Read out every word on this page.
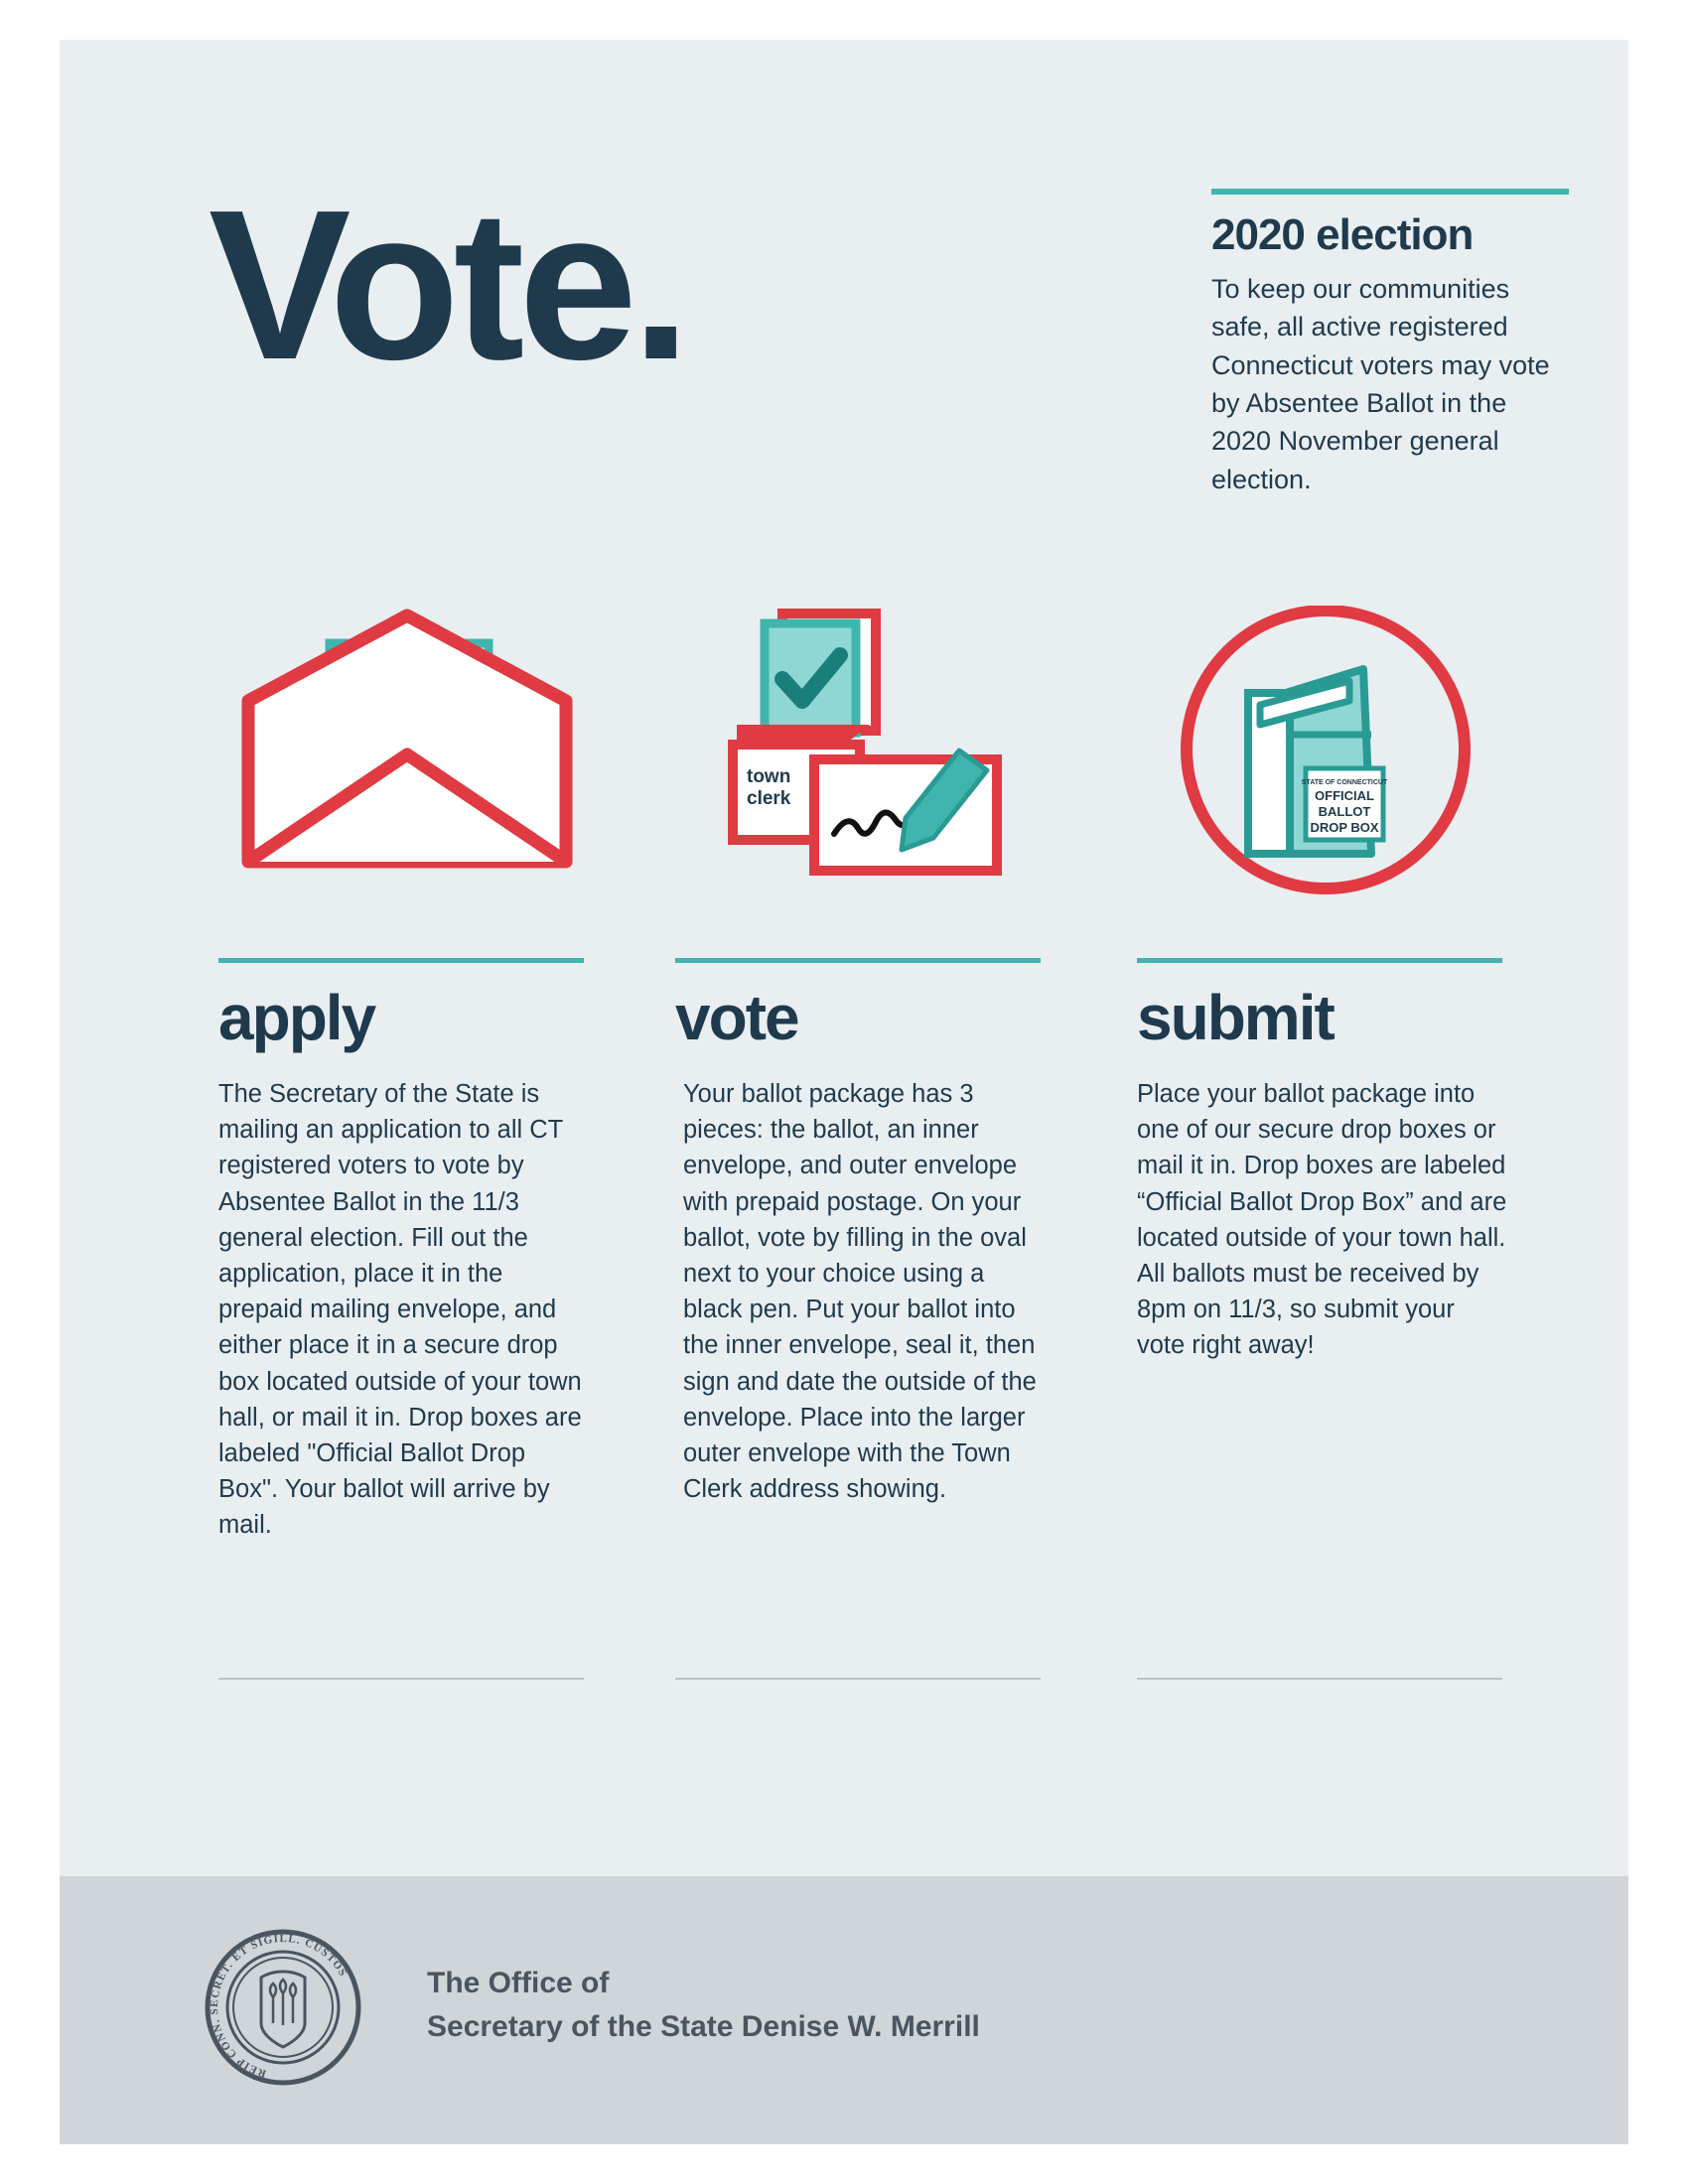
Vote.	2020 election
To keep our communities safe, all active registered Connecticut voters may vote by Absentee Ballot in the 2020 November general election.
apply
The Secretary of the State is mailing an application to all CT registered voters to vote by Absentee Ballot in the 11/3 general election. Fill out the application, place it in the prepaid mailing envelope, and either place it in a secure drop box located outside of your town hall, or mail it in. Drop boxes are labeled "Official Ballot Drop Box". Your ballot will arrive by mail.
town
clerk
vote
Your ballot package has 3 pieces: the ballot, an inner envelope, and outer envelope with prepaid postage. On your ballot, vote by filling in the oval next to your choice using a black pen. Put your ballot into the inner envelope, seal it, then sign and date the outside of the envelope. Place into the larger outer envelope with the Town Clerk address showing.
STATE OF CONNECTICUT
OFFICIAL
BALLOT
DROP BOX
submit
Place your ballot package into one of our secure drop boxes or mail it in. Drop boxes are labeled “Official Ballot Drop Box” and are located outside of your town hall. All ballots must be received by 8pm on 11/3, so submit your vote right away!
REIP CONN. SECRET. ET SIGILL. CUSTOS	The Office of
Secretary of the State Denise W. Merrill
